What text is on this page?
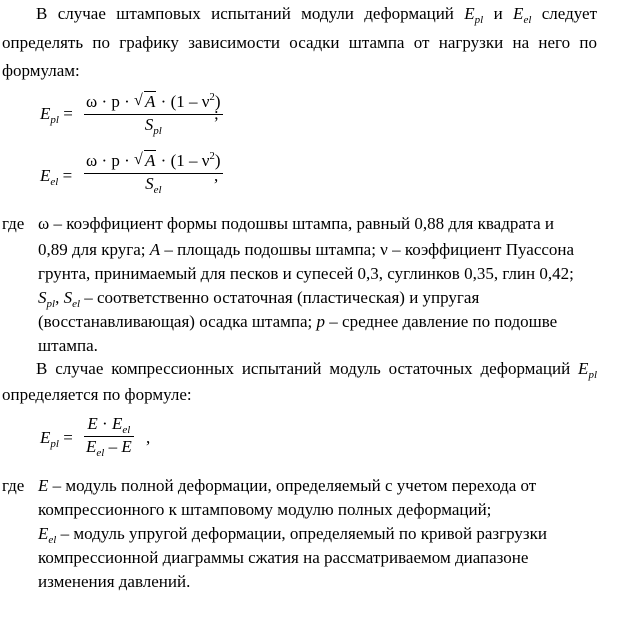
В случае штамповых испытаний модули деформаций $E_{pl}$ и $E_{el}$ следует
определять по графику зависимости осадки штампа от нагрузки на него по
формулам:
$E_{pl}$ =
ω · p · √ $A \cdot (1 - \nu^2)$
$S_{pl}$
;
$E_{el}$ =
ω · p · √ $A \cdot (1 - \nu^2)$
$S_{el}$
,
где ω – коэффициент формы подошвы штампа, равный 0,88 для квадрата и
0,89 для круга; A – площадь подошвы штампа; ν – коэффициент Пуассона
грунта, принимаемый для песков и супесей 0,3, суглинков 0,35, глин 0,42;
$S_{pl}$, $S_{el}$ – соответственно остаточная (пластическая) и упругая
(восстанавливающая) осадка штампа; p – среднее давление по подошве
штампа.
В случае компрессионных испытаний модуль остаточных деформаций $E_{pl}$
определяется по формуле:
$E_{pl}$ =
$E \cdot E_{el}$
$E_{el}$ – E ,
где E – модуль полной деформации, определяемый с учетом перехода от
компрессионного к штамповому модулю полных деформаций;
$E_{el}$ – модуль упругой деформации, определяемый по кривой разгрузки
компрессионной диаграммы сжатия на рассматриваемом диапазоне
изменения давлений.
